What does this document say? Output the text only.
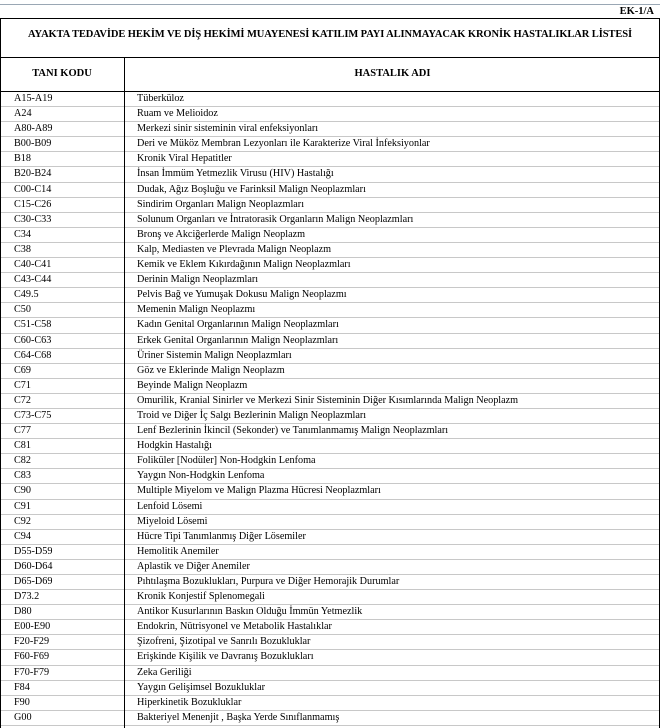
EK-1/A
AYAKTA TEDAVİDE HEKİM VE DİŞ HEKİMİ MUAYENESİ KATILIM PAYI ALINMAYACAK KRONİK HASTALIKLAR LİSTESİ
TANI KODU	HASTALIK ADI
A15-A19	Tüberküloz
A24	Ruam ve Melioidoz
A80-A89	Merkezi sinir sisteminin viral enfeksiyonları
B00-B09	Deri ve Müköz Membran Lezyonları ile Karakterize Viral İnfeksiyonlar
B18	Kronik Viral Hepatitler
B20-B24	İnsan İmmüm Yetmezlik Virusu (HIV) Hastalığı
C00-C14	Dudak, Ağız Boşluğu ve Farinksil Malign Neoplazmları
C15-C26	Sindirim Organları Malign Neoplazmları
C30-C33	Solunum Organları ve İntratorasik Organların Malign Neoplazmları
C34	Bronş ve Akciğerlerde Malign Neoplazm
C38	Kalp, Mediasten ve Plevrada Malign Neoplazm
C40-C41	Kemik ve Eklem Kıkırdağının Malign Neoplazmları
C43-C44	Derinin Malign Neoplazmları
C49.5	Pelvis Bağ ve Yumuşak Dokusu Malign Neoplazmı
C50	Memenin Malign Neoplazmı
C51-C58	Kadın Genital Organlarının Malign Neoplazmları
C60-C63	Erkek Genital Organlarının Malign Neoplazmları
C64-C68	Üriner Sistemin Malign Neoplazmları
C69	Göz ve Eklerinde Malign Neoplazm
C71	Beyinde Malign Neoplazm
C72	Omurilik, Kranial Sinirler ve Merkezi Sinir Sisteminin Diğer Kısımlarında Malign Neoplazm
C73-C75	Troid ve Diğer İç Salgı Bezlerinin Malign Neoplazmları
C77	Lenf Bezlerinin İkincil (Sekonder) ve Tanımlanmamış Malign Neoplazmları
C81	Hodgkin Hastalığı
C82	Foliküler [Nodüler] Non-Hodgkin Lenfoma
C83	Yaygın Non-Hodgkin Lenfoma
C90	Multiple Miyelom ve Malign Plazma Hücresi Neoplazmları
C91	Lenfoid Lösemi
C92	Miyeloid Lösemi
C94	Hücre Tipi Tanımlanmış Diğer Lösemiler
D55-D59	Hemolitik Anemiler
D60-D64	Aplastik ve Diğer Anemiler
D65-D69	Pıhtılaşma Bozuklukları, Purpura ve Diğer Hemorajik Durumlar
D73.2	Kronik Konjestif Splenomegali
D80	Antikor Kusurlarının Baskın Olduğu İmmün Yetmezlik
E00-E90	Endokrin, Nütrisyonel ve Metabolik Hastalıklar
F20-F29	Şizofreni, Şizotipal ve Sanrılı Bozukluklar
F60-F69	Erişkinde Kişilik ve Davranış Bozuklukları
F70-F79	Zeka Geriliği
F84	Yaygın Gelişimsel Bozukluklar
F90	Hiperkinetik Bozukluklar
G00	Bakteriyel Menenjit , Başka Yerde Sınıflanmamış
